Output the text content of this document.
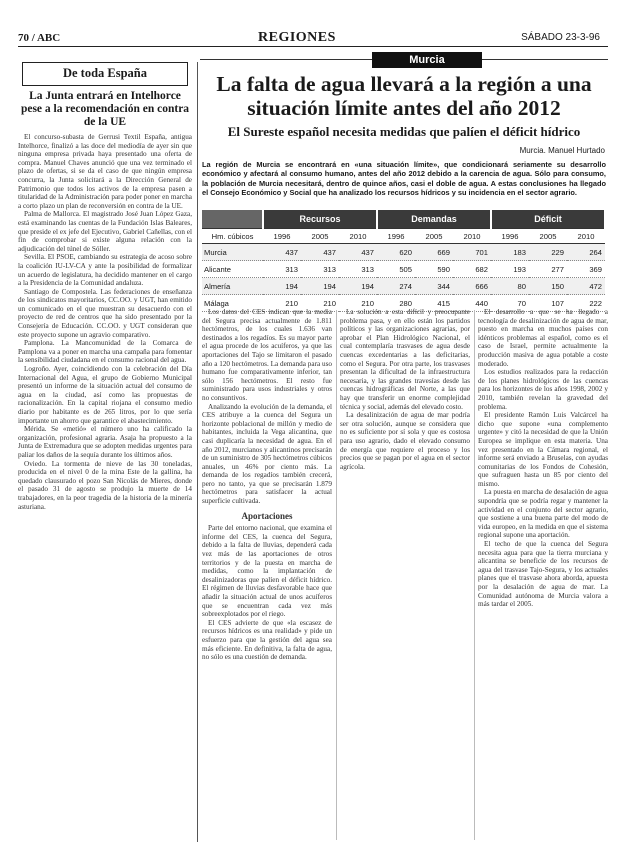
70 / ABC	REGIONES	SÁBADO 23-3-96
De toda España
La Junta entrará en Intelhorce pese a la recomendación en contra de la UE

El concurso-subasta de Gerrusi Textil España, antigua Intelhorce, finalizó a las doce del mediodía de ayer sin que ninguna empresa privada haya presentado una oferta de compra. Manuel Chaves anunció que una vez terminado el plazo de ofertas, si se da el caso de que ningún empresa concurra, la Junta solicitará a la Dirección General de Patrimonio que todos los activos de la empresa pasen a titularidad de la Administración para poder poner en marcha a corto plazo un plan de reconversión en contra de la UE.

Palma de Mallorca. El magistrado José Juan López Gaza, está examinando las cuentas de la Fundación Islas Baleares, que preside el ex jefe del Ejecutivo, Gabriel Cañellas, con el fin de comprobar si existe alguna relación con la adjudicación del túnel de Sóller.

Sevilla. El PSOE, cambiando su estrategia de acoso sobre la coalición IU-LV-CA y ante la posibilidad de formalizar un acuerdo de legislatura, ha decidido mantener en el cargo a la Presidencia de la Comunidad andaluza.

Santiago de Compostela. Las federaciones de enseñanza de los sindicatos mayoritarios, CC.OO. y UGT, han emitido un comunicado en el que muestran su desacuerdo con el proyecto de red de centros que ha sido presentado por la Consejería de Educación. CC.OO. y UGT consideran que este proyecto supone un agravio comparativo.

Pamplona. La Mancomunidad de la Comarca de Pamplona va a poner en marcha una campaña para fomentar la sensibilidad ciudadana en el consumo racional del agua.

Logroño. Ayer, coincidiendo con la celebración del Día Internacional del Agua, el grupo de Gobierno Municipal presentó un informe de la situación actual del consumo de agua en la ciudad, así como las propuestas de racionalización. En la capital riojana el consumo medio diario por habitante es de 265 litros, por lo que sería importante un ahorro que garantice el abastecimiento.

Mérida. Se «metió» el número uno ha calificado la organización, profesional agraria. Asaja ha propuesto a la Junta de Extremadura que se adopten medidas urgentes para paliar los daños de la sequía durante los últimos años.

Oviedo. La tormenta de nieve de las 30 toneladas, producida en el nivel 0 de la mina Este de la gallina, ha quedado clausurado el pozo San Nicolás de Mieres, donde el pasado 31 de agosto se produjo la muerte de 14 trabajadores, en la peor tragedia de la historia de la minería asturiana.

Murcia
La falta de agua llevará a la región a una situación límite antes del año 2012
El Sureste español necesita medidas que palíen el déficit hídrico
Murcia. Manuel Hurtado
La región de Murcia se encontrará en «una situación límite», que condicionará seriamente su desarrollo económico y afectará al consumo humano, antes del año 2012 debido a la carencia de agua. Sólo para consumo, la población de Murcia necesitará, dentro de quince años, casi el doble de agua. A estas conclusiones ha llegado el Consejo Económico y Social que ha analizado los recursos hídricos y su incidencia en el sector agrario.
	Recursos			Demandas			Déficit		
Hm. cúbicos	1996	2005	2010	1996	2005	2010	1996	2005	2010
Murcia	437	437	437	620	669	701	183	229	264
Alicante	313	313	313	505	590	682	193	277	369
Almería	194	194	194	274	344	666	80	150	472
Málaga	210	210	210	280	415	440	70	107	222

Los datos del CES indican que la media del Segura precisa actualmente de 1.811 hectómetros, de los cuales 1.636 van destinados a los regadíos. Es su mayor parte el agua procede de los acuíferos, ya que las aportaciones del Tajo se limitaron el pasado año a 120 hectómetros. La demanda para uso humano fue comparativamente inferior, tan sólo 156 hectómetros. El resto fue suministrado para usos industriales y otros no consuntivos.

Analizando la evolución de la demanda, el CES atribuye a la cuenca del Segura un horizonte poblacional de millón y medio de habitantes, incluida la Vega alicantina, que casi duplicaría la necesidad de agua. En el año 2012, murcianos y alicantinos precisarán de un suministro de 305 hectómetros cúbicos anuales, un 46% por ciento más. La demanda de los regadíos también crecerá, pero no tanto, ya que se precisarán 1.879 hectómetros para satisfacer la actual superficie cultivada.

Aportaciones

Parte del entorno nacional, que examina el informe del CES, la cuenca del Segura, debido a la falta de lluvias, dependerá cada vez más de las aportaciones de otros territorios y de la puesta en marcha de medidas, como la implantación de desalinizadoras que palíen el déficit hídrico. El régimen de lluvias desfavorable hace que añadir la situación actual de unos acuíferos que se encuentran cada vez más sobreexplotados por el riego.

El CES advierte de que «la escasez de recursos hídricos es una realidad» y pide un esfuerzo para que la gestión del agua sea más eficiente. En definitiva, la falta de agua, no sólo es una cuestión de demanda.

La solución a esta difícil y preocupante problema pasa, y en ello están los partidos políticos y las organizaciones agrarias, por aprobar el Plan Hidrológico Nacional, el cual contemplaría trasvases de agua desde cuencas excedentarias a las deficitarias, como el Segura. Por otra parte, los trasvases presentan la dificultad de la infraestructura necesaria, y las grandes travesías desde las cuencas hidrográficas del Norte, a las que hay que transferir un enorme complejidad técnica y social, además del elevado costo.

La desalinización de agua de mar podría ser otra solución, aunque se considera que no es suficiente por sí sola y que es costosa para uso agrario, dado el elevado consumo de energía que requiere el proceso y los precios que se pagan por el agua en el sector agrícola.

El desarrollo a que se ha llegado a tecnología de desalinización de agua de mar, puesto en marcha en muchos países con idénticos problemas al español, como es el caso de Israel, permite actualmente la producción masiva de agua potable a coste moderado.

Los estudios realizados para la redacción de los planes hidrológicos de las cuencas para los horizontes de los años 1998, 2002 y 2010, también revelan la gravedad del problema.

El presidente Ramón Luis Valcárcel ha dicho que supone «una complemento urgente» y citó la necesidad de que la Unión Europea se implique en esta materia. Una vez presentado en la Cámara regional, el informe será enviado a Bruselas, con ayudas comunitarias de los Fondos de Cohesión, que sufraguen hasta un 85 por ciento del mismo.

La puesta en marcha de desalación de agua supondría que se podría regar y mantener la actividad en el conjunto del sector agrario, que sostiene a una buena parte del modo de vida europeo, en la medida en que el sistema regional supone una aportación.

El techo de que la cuenca del Segura necesita agua para que la tierra murciana y alicantina se beneficie de los recursos de agua del trasvase Tajo-Segura, y los actuales planes que el trasvase ahora aborda, apuesta por la desalación de agua de mar. La Comunidad autónoma de Murcia valora a más tardar el 2005.
